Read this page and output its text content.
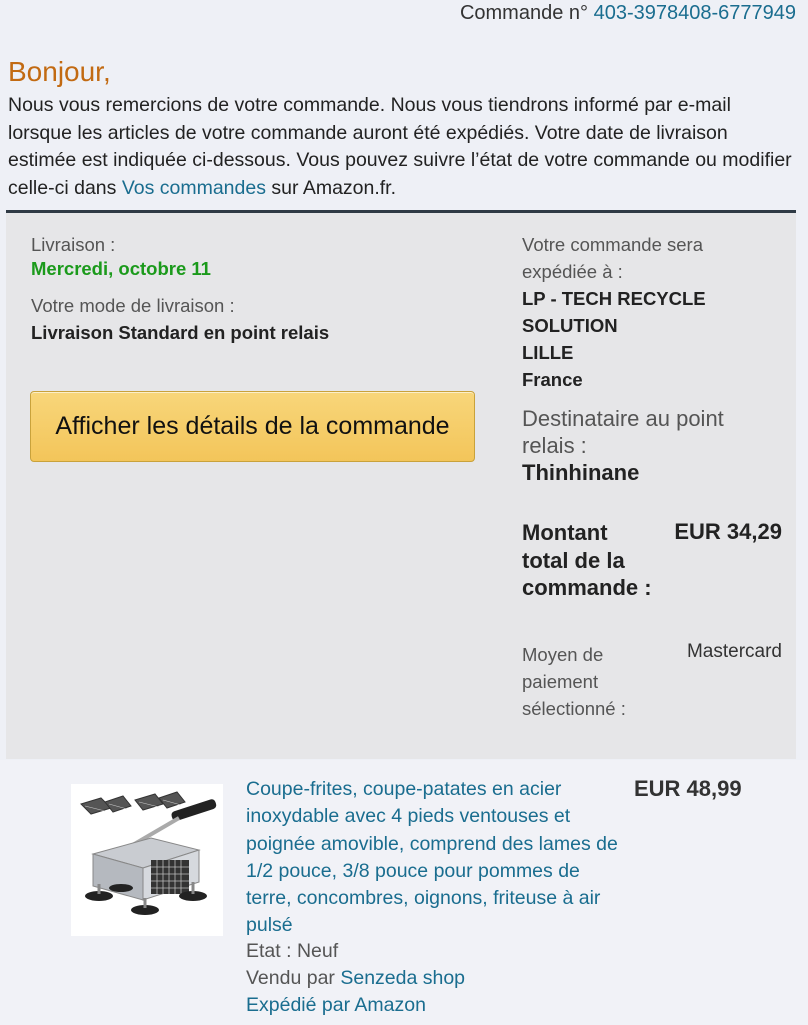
Commande n° 403-3978408-6777949
Bonjour,
Nous vous remercions de votre commande. Nous vous tiendrons informé par e-mail lorsque les articles de votre commande auront été expédiés. Votre date de livraison estimée est indiquée ci-dessous. Vous pouvez suivre l’état de votre commande ou modifier celle-ci dans Vos commandes sur Amazon.fr.
Livraison :
Mercredi, octobre 11
Votre mode de livraison :
Livraison Standard en point relais
Afficher les détails de la commande
Votre commande sera expédiée à :
LP - TECH RECYCLE SOLUTION
LILLE
France
Destinataire au point relais :
Thinhinane
Montant total de la commande :
EUR 34,29
Moyen de paiement sélectionné :
Mastercard
Coupe-frites, coupe-patates en acier inoxydable avec 4 pieds ventouses et poignée amovible, comprend des lames de 1/2 pouce, 3/8 pouce pour pommes de terre, concombres, oignons, friteuse à air pulsé
EUR 48,99
Etat : Neuf
Vendu par Senzeda shop
Expédié par Amazon
